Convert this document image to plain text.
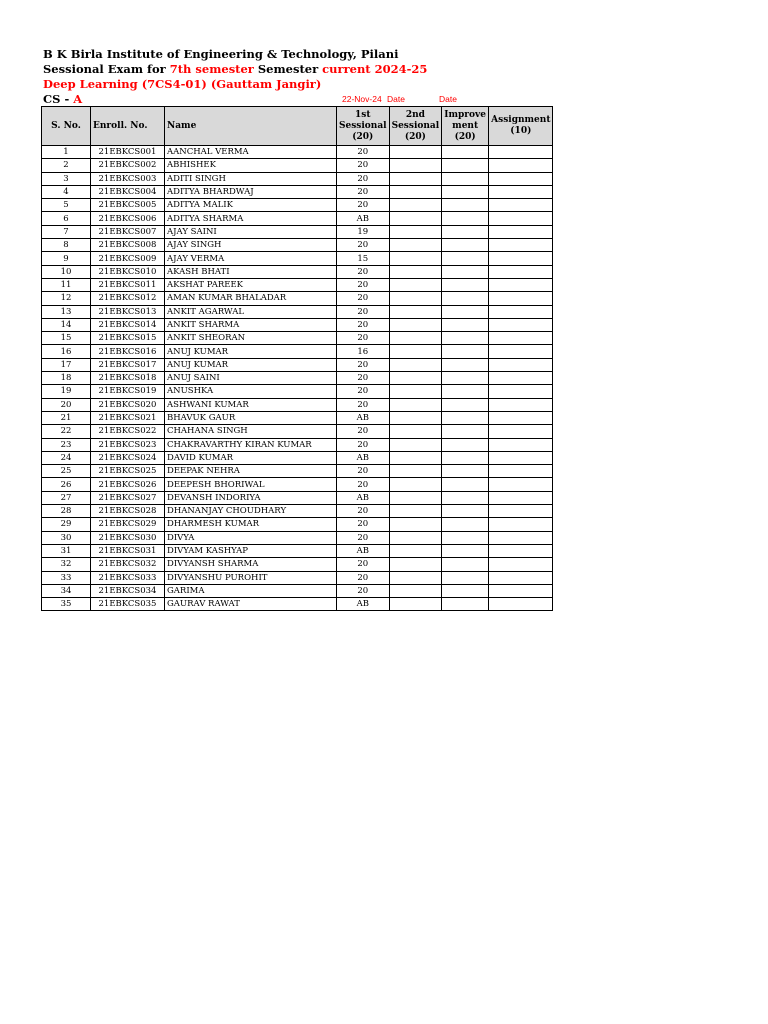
B K Birla Institute of Engineering & Technology, Pilani
Sessional Exam for 7th semester Semester current 2024-25
Deep Learning (7CS4-01) (Gauttam Jangir)
CS - A	22-Nov-24 Date	Date
S. No.	Enroll. No.	Name	1st
Sessional
(20)	2nd
Sessional
(20)	Improve
ment
(20)	Assignment
(10)
1	21EBKCS001	AANCHAL VERMA	20			
2	21EBKCS002	ABHISHEK	20			
3	21EBKCS003	ADITI SINGH	20			
4	21EBKCS004	ADITYA BHARDWAJ	20			
5	21EBKCS005	ADITYA MALIK	20			
6	21EBKCS006	ADITYA SHARMA	AB			
7	21EBKCS007	AJAY SAINI	19			
8	21EBKCS008	AJAY SINGH	20			
9	21EBKCS009	AJAY VERMA	15			
10	21EBKCS010	AKASH BHATI	20			
11	21EBKCS011	AKSHAT PAREEK	20			
12	21EBKCS012	AMAN KUMAR BHALADAR	20			
13	21EBKCS013	ANKIT AGARWAL	20			
14	21EBKCS014	ANKIT SHARMA	20			
15	21EBKCS015	ANKIT SHEORAN	20			
16	21EBKCS016	ANUJ KUMAR	16			
17	21EBKCS017	ANUJ KUMAR	20			
18	21EBKCS018	ANUJ SAINI	20			
19	21EBKCS019	ANUSHKA	20			
20	21EBKCS020	ASHWANI KUMAR	20			
21	21EBKCS021	BHAVUK GAUR	AB			
22	21EBKCS022	CHAHANA SINGH	20			
23	21EBKCS023	CHAKRAVARTHY KIRAN KUMAR	20			
24	21EBKCS024	DAVID KUMAR	AB			
25	21EBKCS025	DEEPAK NEHRA	20			
26	21EBKCS026	DEEPESH BHORIWAL	20			
27	21EBKCS027	DEVANSH INDORIYA	AB			
28	21EBKCS028	DHANANJAY CHOUDHARY	20			
29	21EBKCS029	DHARMESH KUMAR	20			
30	21EBKCS030	DIVYA	20			
31	21EBKCS031	DIVYAM KASHYAP	AB			
32	21EBKCS032	DIVYANSH SHARMA	20			
33	21EBKCS033	DIVYANSHU PUROHIT	20			
34	21EBKCS034	GARIMA	20			
35	21EBKCS035	GAURAV RAWAT	AB			
